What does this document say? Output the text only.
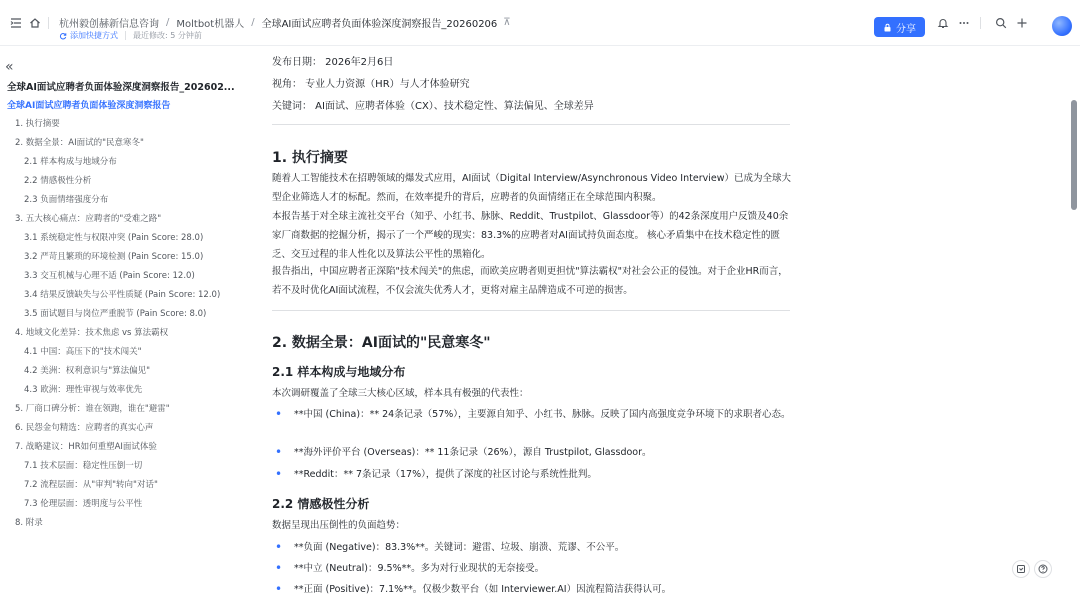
杭州毅创赫新信息咨询 / Moltbot机器人 / 全球AI面试应聘者负面体验深度洞察报告_20260206 ⊼
添加快捷方式 最近修改: 5 分钟前
分享
«
全球AI面试应聘者负面体验深度洞察报告_202602...
全球AI面试应聘者负面体验深度洞察报告
1. 执行摘要
2. 数据全景：AI面试的"民意寒冬"
2.1 样本构成与地域分布
2.2 情感极性分析
2.3 负面情绪强度分布
3. 五大核心痛点：应聘者的"受难之路"
3.1 系统稳定性与权限冲突 (Pain Score: 28.0)
3.2 严苛且繁琐的环境检测 (Pain Score: 15.0)
3.3 交互机械与心理不适 (Pain Score: 12.0)
3.4 结果反馈缺失与公平性质疑 (Pain Score: 12.0)
3.5 面试题目与岗位严重脱节 (Pain Score: 8.0)
4. 地域文化差异：技术焦虑 vs 算法霸权
4.1 中国：高压下的"技术闯关"
4.2 美洲：权利意识与"算法偏见"
4.3 欧洲：理性审视与效率优先
5. 厂商口碑分析：谁在领跑，谁在"避雷"
6. 民怨金句精选：应聘者的真实心声
7. 战略建议：HR如何重塑AI面试体验
7.1 技术层面：稳定性压倒一切
7.2 流程层面：从"审判"转向"对话"
7.3 伦理层面：透明度与公平性
8. 附录
发布日期： 2026年2月6日
视角： 专业人力资源（HR）与人才体验研究
关键词： AI面试、应聘者体验（CX）、技术稳定性、算法偏见、全球差异
1. 执行摘要
随着人工智能技术在招聘领域的爆发式应用，AI面试（Digital Interview/Asynchronous Video Interview）已成为全球大型企业筛选人才的标配。然而，在效率提升的背后，应聘者的负面情绪正在全球范围内积聚。
本报告基于对全球主流社交平台（知乎、小红书、脉脉、Reddit、Trustpilot、Glassdoor等）的42条深度用户反馈及40余家厂商数据的挖掘分析，揭示了一个严峻的现实：83.3%的应聘者对AI面试持负面态度。 核心矛盾集中在技术稳定性的匮乏、交互过程的非人性化以及算法公平性的黑箱化。
报告指出，中国应聘者正深陷"技术闯关"的焦虑，而欧美应聘者则更担忧"算法霸权"对社会公正的侵蚀。对于企业HR而言，若不及时优化AI面试流程，不仅会流失优秀人才，更将对雇主品牌造成不可逆的损害。
2. 数据全景：AI面试的"民意寒冬"
2.1 样本构成与地域分布
本次调研覆盖了全球三大核心区域，样本具有极强的代表性：
• **中国 (China)：** 24条记录（57%），主要源自知乎、小红书、脉脉。反映了国内高强度竞争环境下的求职者心态。
• **海外评价平台 (Overseas)：** 11条记录（26%），源自 Trustpilot, Glassdoor。
• **Reddit：** 7条记录（17%），提供了深度的社区讨论与系统性批判。
2.2 情感极性分析
数据呈现出压倒性的负面趋势：
• **负面 (Negative)：83.3%**。关键词：避雷、垃圾、崩溃、荒谬、不公平。
• **中立 (Neutral)：9.5%**。多为对行业现状的无奈接受。
• **正面 (Positive)：7.1%**。仅极少数平台（如 Interviewer.AI）因流程简洁获得认可。
